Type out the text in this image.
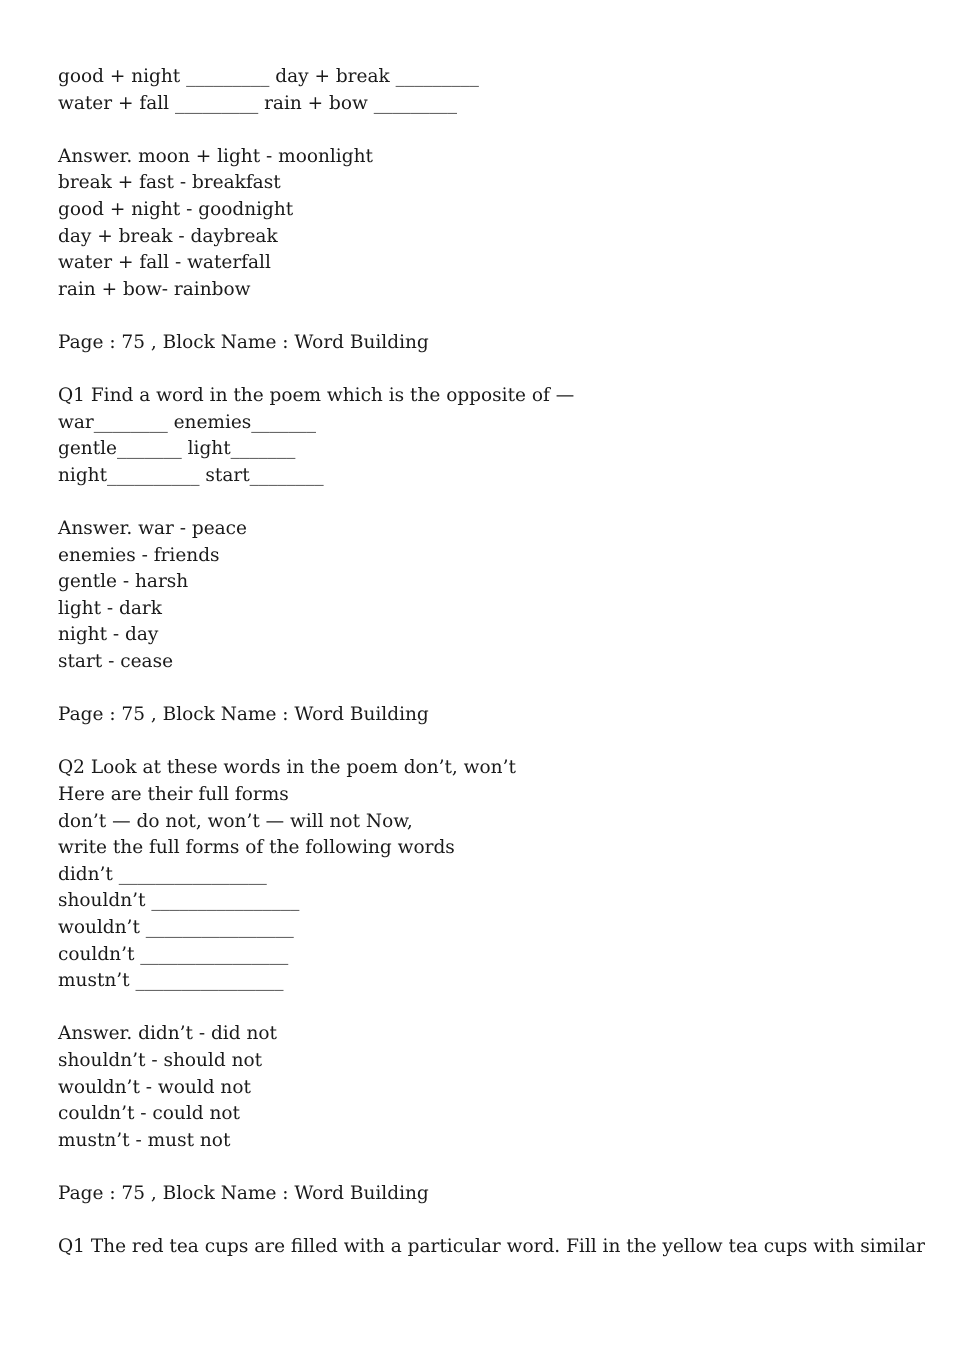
good + night _________ day + break _________
water + fall _________ rain + bow _________
Answer. moon + light - moonlight
break + fast - breakfast
good + night - goodnight
day + break - daybreak
water + fall - waterfall
rain + bow- rainbow
Page : 75 , Block Name : Word Building
Q1 Find a word in the poem which is the opposite of —
war________ enemies_______
gentle_______ light_______
night__________ start________
Answer. war - peace
enemies - friends
gentle - harsh
light - dark
night - day
start - cease
Page : 75 , Block Name : Word Building
Q2 Look at these words in the poem don’t, won’t
Here are their full forms
don’t — do not, won’t — will not Now,
write the full forms of the following words
didn’t ________________
shouldn’t ________________
wouldn’t ________________
couldn’t ________________
mustn’t ________________
Answer. didn’t - did not
shouldn’t - should not
wouldn’t - would not
couldn’t - could not
mustn’t - must not
Page : 75 , Block Name : Word Building
Q1 The red tea cups are filled with a particular word. Fill in the yellow tea cups with similar
